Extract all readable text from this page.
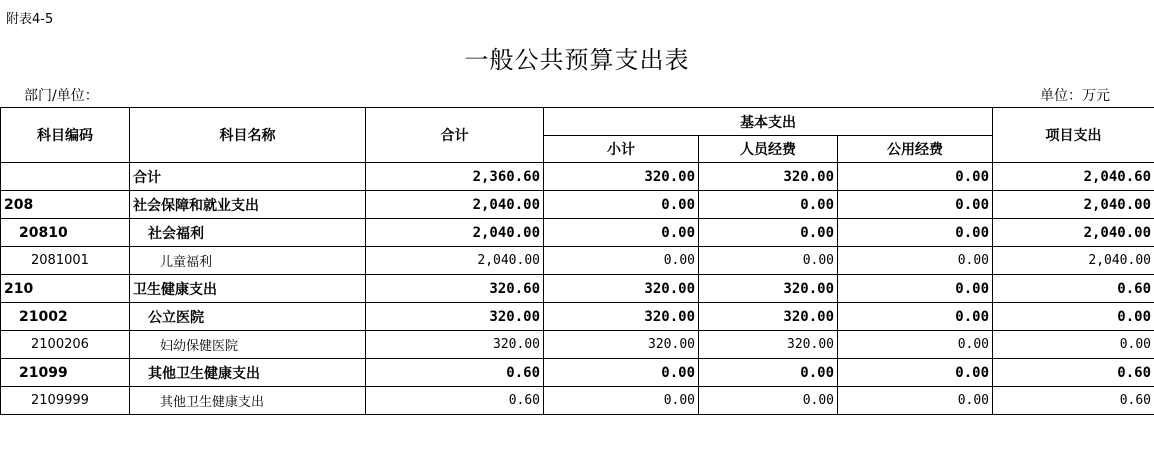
附表4-5
一般公共预算支出表
部门/单位：	单位：万元
科目编码	科目名称	合计	基本支出			项目支出
			小计	人员经费	公用经费	
	合计	2,360.60	320.00	320.00	0.00	2,040.60
208	社会保障和就业支出	2,040.00	0.00	0.00	0.00	2,040.00
20810	社会福利	2,040.00	0.00	0.00	0.00	2,040.00
2081001	儿童福利	2,040.00	0.00	0.00	0.00	2,040.00
210	卫生健康支出	320.60	320.00	320.00	0.00	0.60
21002	公立医院	320.00	320.00	320.00	0.00	0.00
2100206	妇幼保健医院	320.00	320.00	320.00	0.00	0.00
21099	其他卫生健康支出	0.60	0.00	0.00	0.00	0.60
2109999	其他卫生健康支出	0.60	0.00	0.00	0.00	0.60
